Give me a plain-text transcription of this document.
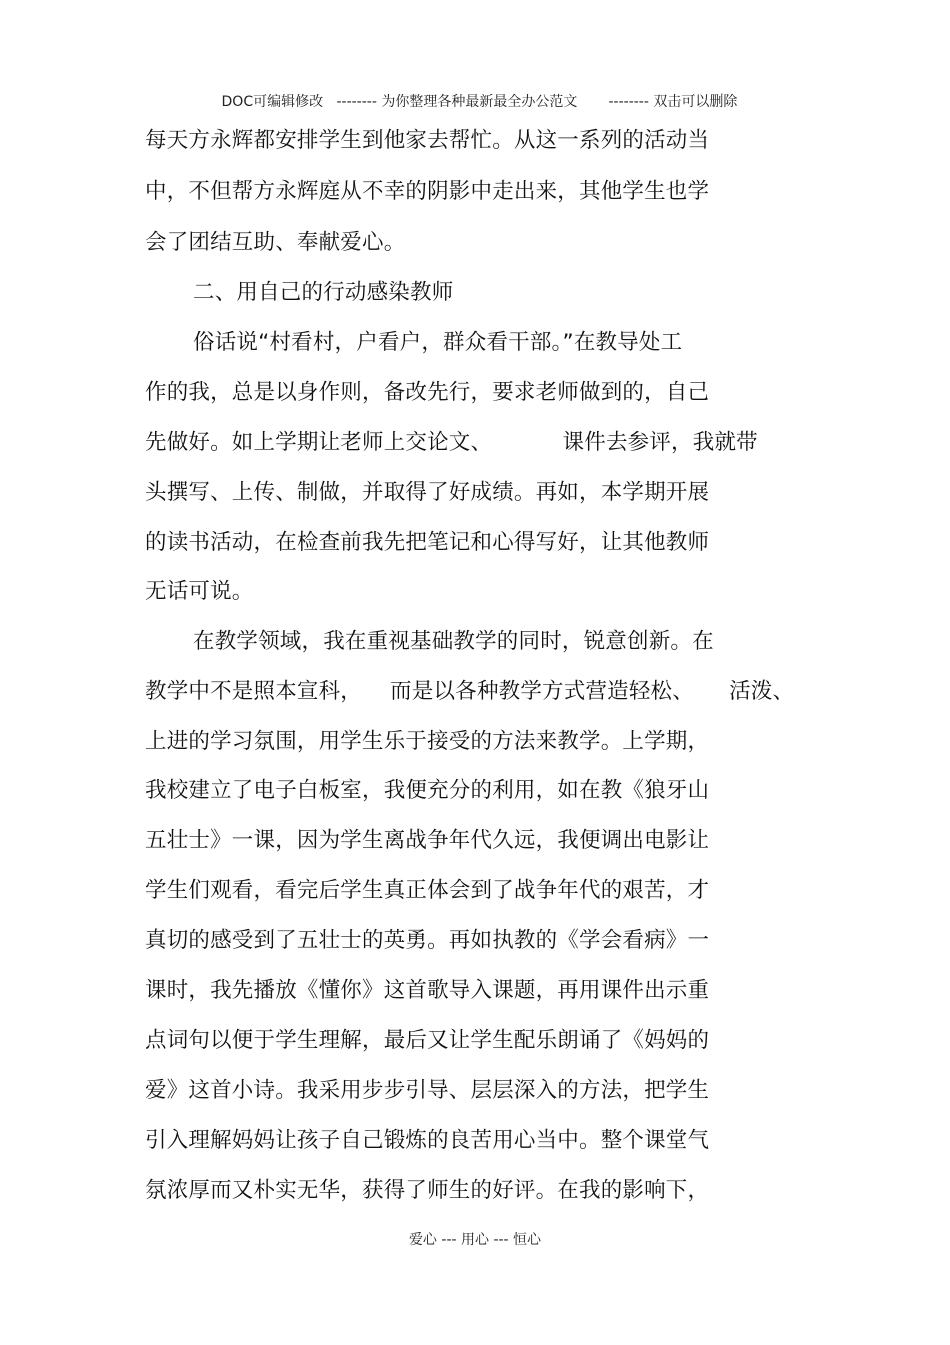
DOC可编辑修改 -------- 为你整理各种最新最全办公范文 -------- 双击可以删除

每天方永辉都安排学生到他家去帮忙。从这一系列的活动当
中，不但帮方永辉庭从不幸的阴影中走出来，其他学生也学
会了团结互助、奉献爱心。
二、用自己的行动感染教师
俗话说“村看村，户看户，群众看干部。”在教导处工
作的我，总是以身作则，备改先行，要求老师做到的，自己
先做好。如上学期让老师上交论文、          课件去参评，我就带
头撰写、上传、制做，并取得了好成绩。再如，本学期开展
的读书活动，在检查前我先把笔记和心得写好，让其他教师
无话可说。
在教学领域，我在重视基础教学的同时，锐意创新。在
教学中不是照本宣科，    而是以各种教学方式营造轻松、     活泼、
上进的学习氛围，用学生乐于接受的方法来教学。上学期，
我校建立了电子白板室，我便充分的利用，如在教《狼牙山
五壮士》一课，因为学生离战争年代久远，我便调出电影让
学生们观看，看完后学生真正体会到了战争年代的艰苦，才
真切的感受到了五壮士的英勇。再如执教的《学会看病》一
课时，我先播放《懂你》这首歌导入课题，再用课件出示重
点词句以便于学生理解，最后又让学生配乐朗诵了《妈妈的
爱》这首小诗。我采用步步引导、层层深入的方法，把学生
引入理解妈妈让孩子自己锻炼的良苦用心当中。整个课堂气
氛浓厚而又朴实无华，获得了师生的好评。在我的影响下，
爱心 --- 用心 --- 恒心
